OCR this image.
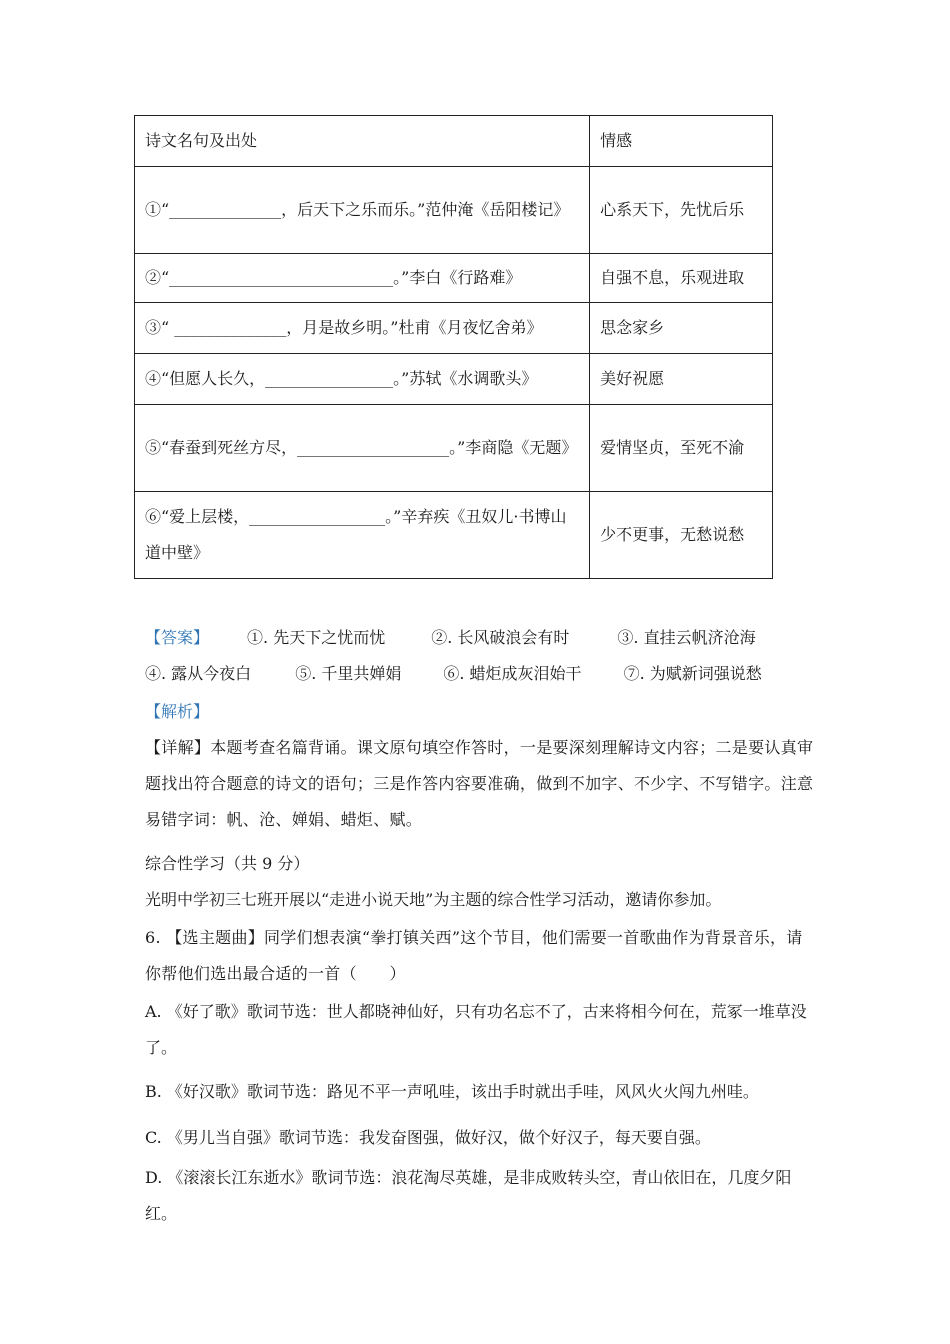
诗文名句及出处	情感
①“______________，后天下之乐而乐。”范仲淹《岳阳楼记》	心系天下，先忧后乐
②“____________________________。”李白《行路难》	自强不息，乐观进取
③“ ______________，月是故乡明。”杜甫《月夜忆舍弟》	思念家乡
④“但愿人长久，________________。”苏轼《水调歌头》	美好祝愿
⑤“春蚕到死丝方尽，___________________。”李商隐《无题》	爱情坚贞，至死不渝
⑥“爱上层楼，_________________。”辛弃疾《丑奴儿·书博山道中壁》	少不更事，无愁说愁
【答案】 ①. 先天下之忧而忧	②. 长风破浪会有时	③. 直挂云帆济沧海
④. 露从今夜白	⑤. 千里共婵娟	⑥. 蜡炬成灰泪始干	⑦. 为赋新词强说愁
【解析】
【详解】本题考查名篇背诵。课文原句填空作答时，一是要深刻理解诗文内容；二是要认真审题找出符合题意的诗文的语句；三是作答内容要准确，做到不加字、不少字、不写错字。注意易错字词：帆、沧、婵娟、蜡炬、赋。
综合性学习（共 9 分）
光明中学初三七班开展以“走进小说天地”为主题的综合性学习活动，邀请你参加。
6. 【选主题曲】同学们想表演“拳打镇关西”这个节目，他们需要一首歌曲作为背景音乐，请你帮他们选出最合适的一首（　　）
A. 《好了歌》歌词节选：世人都晓神仙好，只有功名忘不了，古来将相今何在，荒冢一堆草没了。
B. 《好汉歌》歌词节选：路见不平一声吼哇，该出手时就出手哇，风风火火闯九州哇。
C. 《男儿当自强》歌词节选：我发奋图强，做好汉，做个好汉子，每天要自强。
D. 《滚滚长江东逝水》歌词节选：浪花淘尽英雄，是非成败转头空，青山依旧在，几度夕阳红。
